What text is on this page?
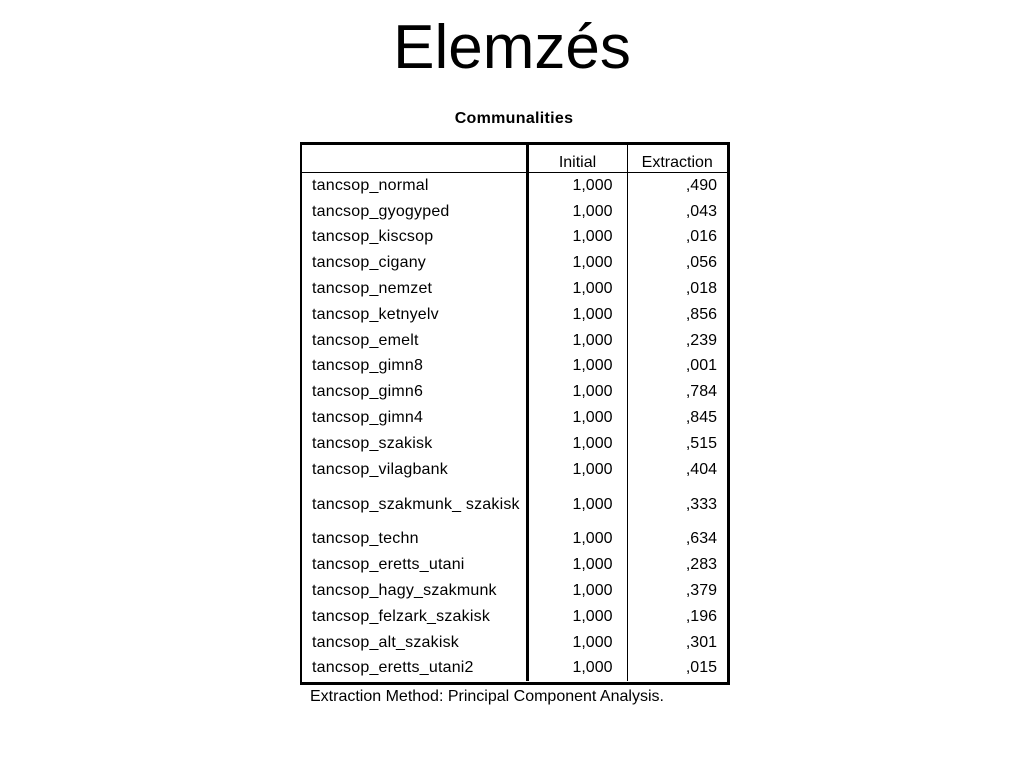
Elemzés
Communalities
	Initial	Extraction
tancsop_normal	1,000	,490
tancsop_gyogyped	1,000	,043
tancsop_kiscsop	1,000	,016
tancsop_cigany	1,000	,056
tancsop_nemzet	1,000	,018
tancsop_ketnyelv	1,000	,856
tancsop_emelt	1,000	,239
tancsop_gimn8	1,000	,001
tancsop_gimn6	1,000	,784
tancsop_gimn4	1,000	,845
tancsop_szakisk	1,000	,515
tancsop_vilagbank	1,000	,404
tancsop_szakmunk_ szakisk	1,000	,333
tancsop_techn	1,000	,634
tancsop_eretts_utani	1,000	,283
tancsop_hagy_szakmunk	1,000	,379
tancsop_felzark_szakisk	1,000	,196
tancsop_alt_szakisk	1,000	,301
tancsop_eretts_utani2	1,000	,015
Extraction Method: Principal Component Analysis.
